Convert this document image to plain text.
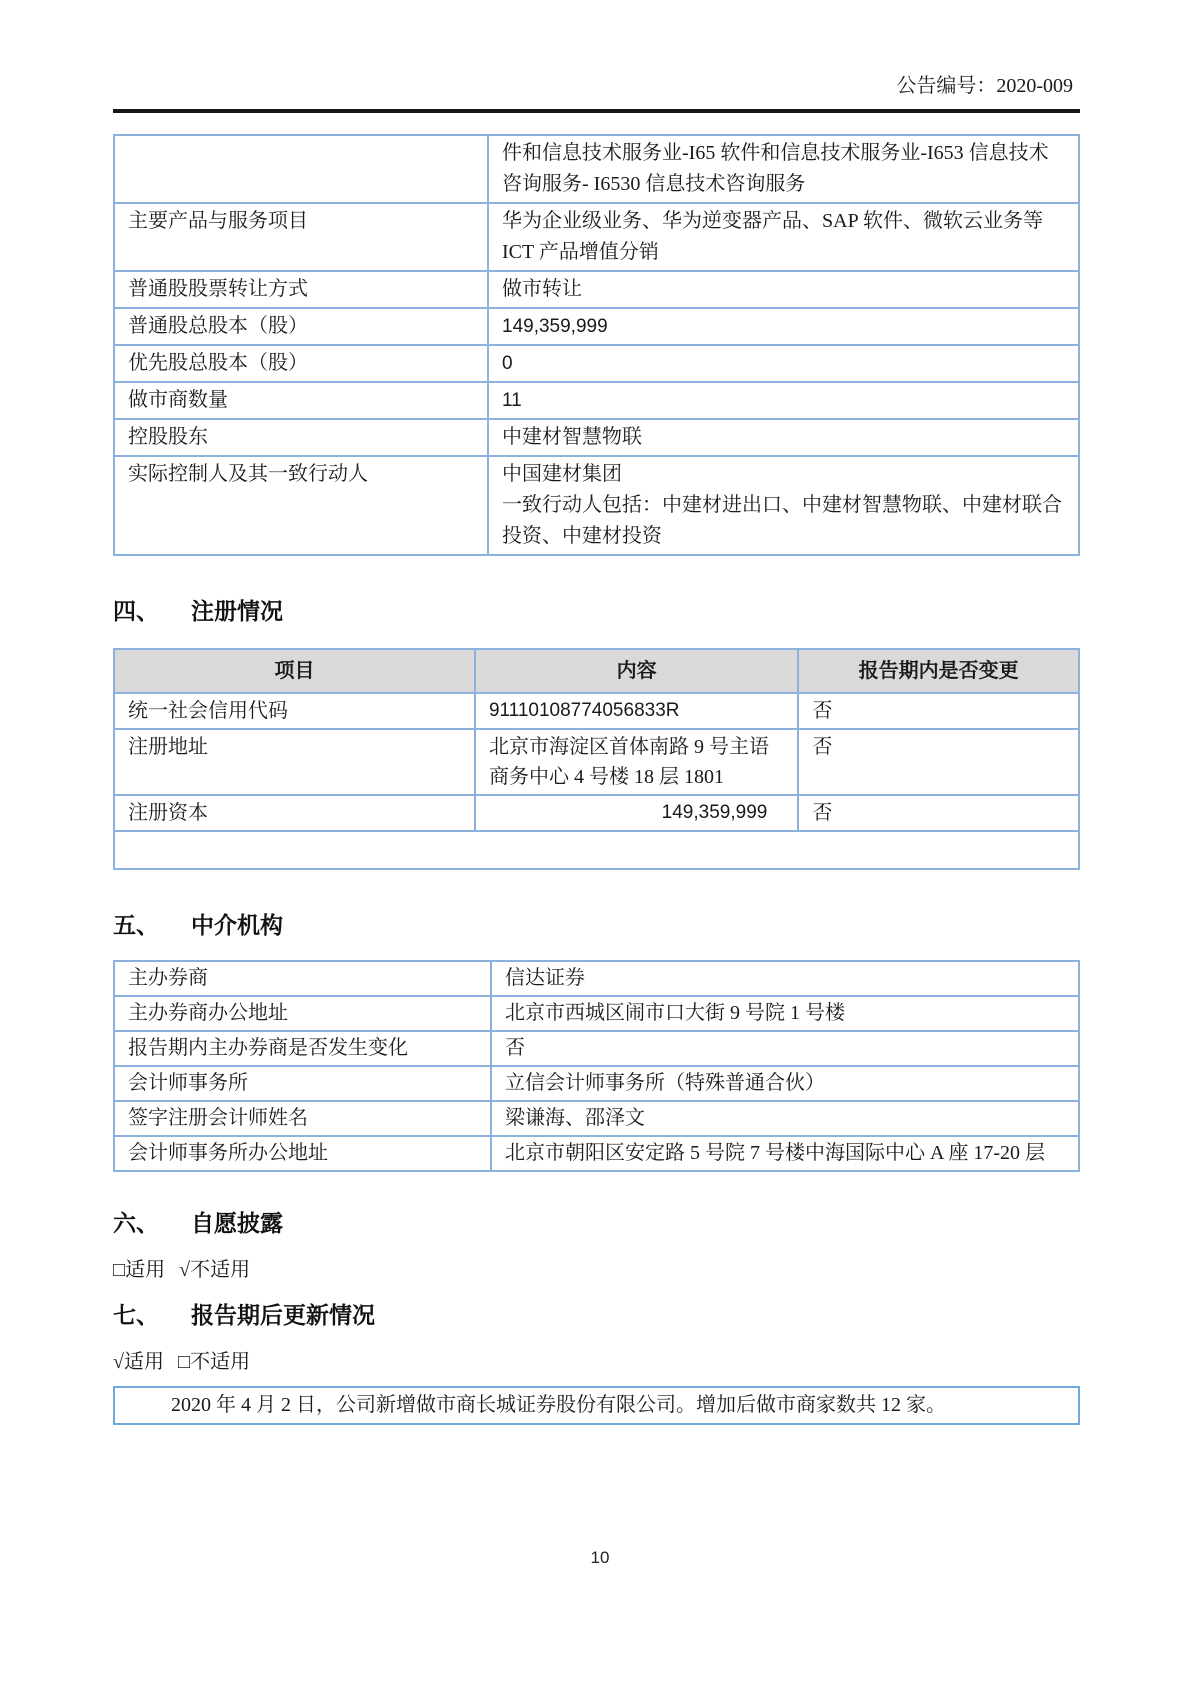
公告编号：2020-009
	件和信息技术服务业-I65 软件和信息技术服务业-I653 信息技术咨询服务- I6530 信息技术咨询服务
主要产品与服务项目	华为企业级业务、华为逆变器产品、SAP 软件、微软云业务等 ICT 产品增值分销
普通股股票转让方式	做市转让
普通股总股本（股）	149,359,999
优先股总股本（股）	0
做市商数量	11
控股股东	中建材智慧物联
实际控制人及其一致行动人	中国建材集团
一致行动人包括：中建材进出口、中建材智慧物联、中建材联合投资、中建材投资
四、 注册情况
项目	内容	报告期内是否变更
统一社会信用代码	91110108774056833R	否
注册地址	北京市海淀区首体南路 9 号主语商务中心 4 号楼 18 层 1801	否
注册资本	149,359,999	否

五、 中介机构
主办券商	信达证券
主办券商办公地址	北京市西城区闹市口大街 9 号院 1 号楼
报告期内主办券商是否发生变化	否
会计师事务所	立信会计师事务所（特殊普通合伙）
签字注册会计师姓名	梁谦海、邵泽文
会计师事务所办公地址	北京市朝阳区安定路 5 号院 7 号楼中海国际中心 A 座 17-20 层
六、 自愿披露
□适用 √不适用
七、 报告期后更新情况
√适用 □不适用
2020 年 4 月 2 日，公司新增做市商长城证券股份有限公司。增加后做市商家数共 12 家。
10
